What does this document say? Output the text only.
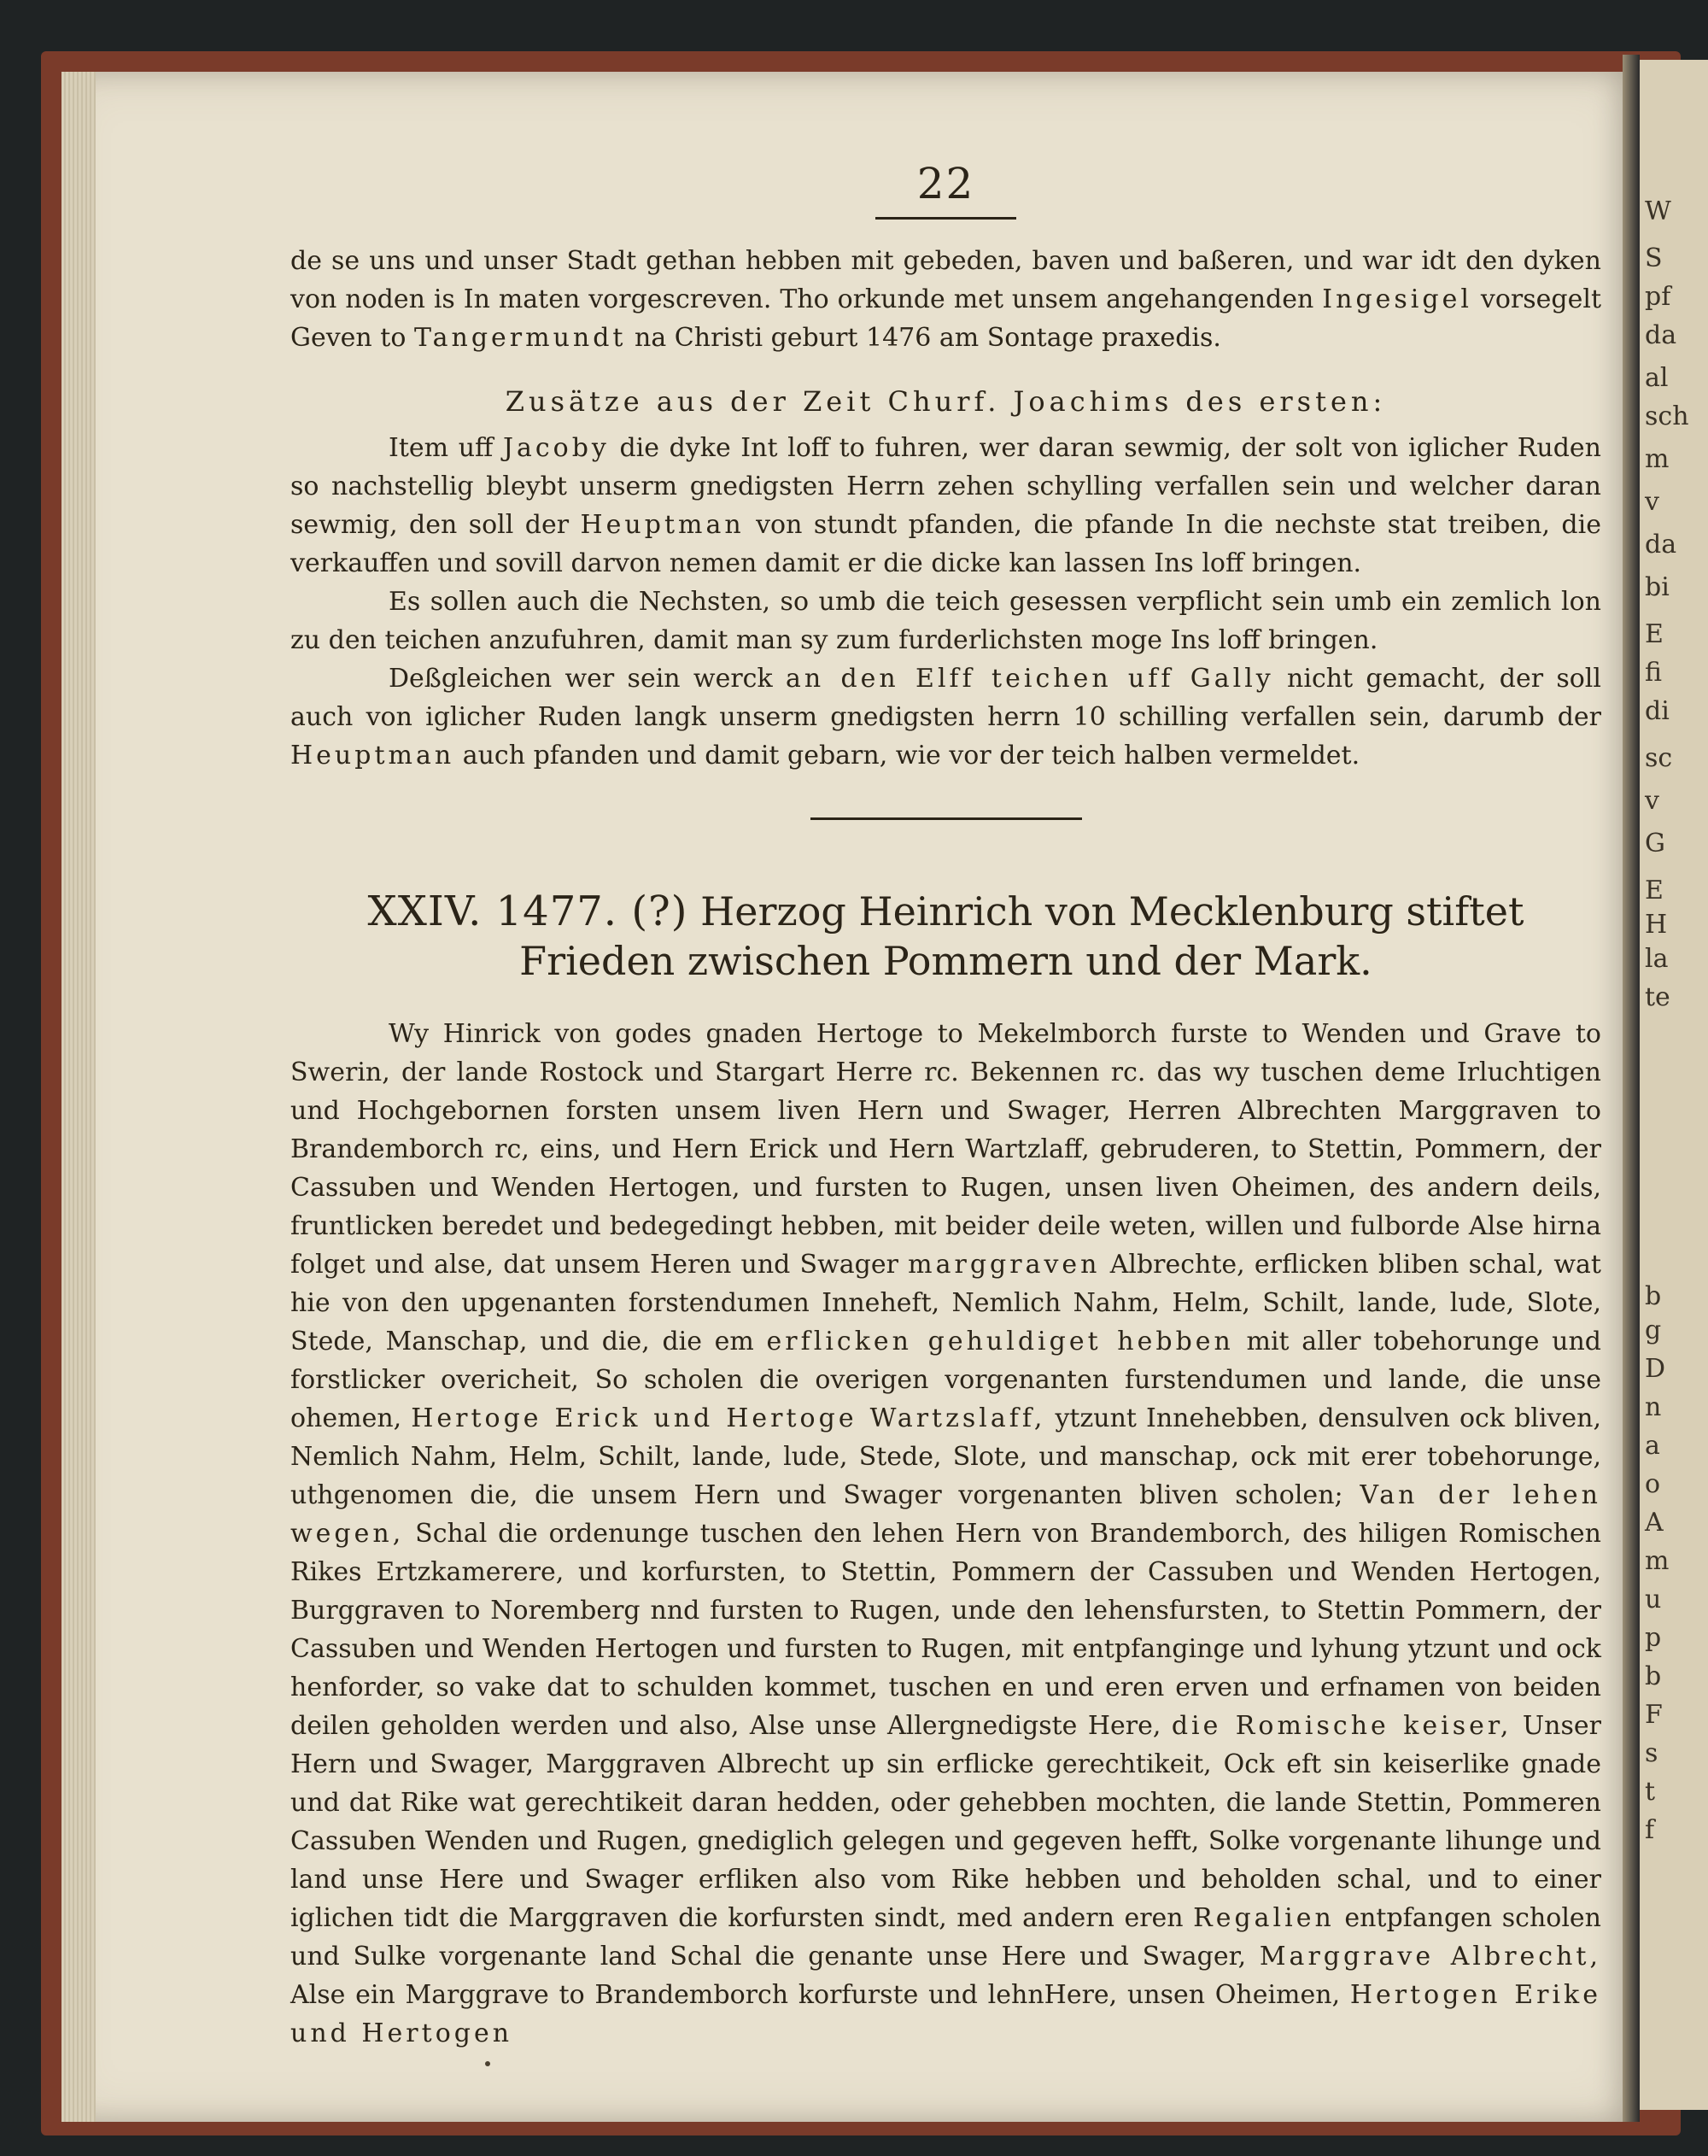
W
S
pf
da
al
sch
m
v
da
bi
E
fi
di
sc
v
G
E
H
la
te
b
g
D
n
a
o
A
m
u
p
b
F
s
t
f
22

de se uns und unser Stadt gethan hebben mit gebeden, baven und baßeren, und war idt den dyken von noden is In maten vorgescreven. Tho orkunde met unsem angehangenden Ingesigel vorsegelt Geven to Tangermundt na Christi geburt 1476 am Sontage praxedis.

Zusätze aus der Zeit Churf. Joachims des ersten:

Item uff Jacoby die dyke Int loff to fuhren, wer daran sewmig, der solt von iglicher Ruden so nachstellig bleybt unserm gnedigsten Herrn zehen schylling verfallen sein und welcher daran sewmig, den soll der Heuptman von stundt pfanden, die pfande In die nechste stat treiben, die verkauffen und sovill darvon nemen damit er die dicke kan lassen Ins loff bringen.

Es sollen auch die Nechsten, so umb die teich gesessen verpflicht sein umb ein zemlich lon zu den teichen anzufuhren, damit man sy zum furderlichsten moge Ins loff bringen.

Deßgleichen wer sein werck an den Elff teichen uff Gally nicht gemacht, der soll auch von iglicher Ruden langk unserm gnedigsten herrn 10 schilling verfallen sein, darumb der Heuptman auch pfanden und damit gebarn, wie vor der teich halben vermeldet.

XXIV. 1477. (?) Herzog Heinrich von Mecklenburg stiftet Frieden zwischen Pommern und der Mark.

Wy Hinrick von godes gnaden Hertoge to Mekelmborch furste to Wenden und Grave to Swerin, der lande Rostock und Stargart Herre rc. Bekennen rc. das wy tuschen deme Irluchtigen und Hochgebornen forsten unsem liven Hern und Swager, Herren Albrechten Marggraven to Brandemborch rc, eins, und Hern Erick und Hern Wartzlaff, gebruderen, to Stettin, Pommern, der Cassuben und Wenden Hertogen, und fursten to Rugen, unsen liven Oheimen, des andern deils, fruntlicken beredet und bedegedingt hebben, mit beider deile weten, willen und fulborde Alse hirna folget und alse, dat unsem Heren und Swager marggraven Albrechte, erflicken bliben schal, wat hie von den upgenanten forstendumen Inneheft, Nemlich Nahm, Helm, Schilt, lande, lude, Slote, Stede, Manschap, und die, die em erflicken gehuldiget hebben mit aller tobehorunge und forstlicker overicheit, So scholen die overigen vorgenanten furstendumen und lande, die unse ohemen, Hertoge Erick und Hertoge Wartzslaff, ytzunt Innehebben, densulven ock bliven, Nemlich Nahm, Helm, Schilt, lande, lude, Stede, Slote, und manschap, ock mit erer tobehorunge, uthgenomen die, die unsem Hern und Swager vorgenanten bliven scholen; Van der lehen wegen, Schal die ordenunge tuschen den lehen Hern von Brandemborch, des hiligen Romischen Rikes Ertzkamerere, und korfursten, to Stettin, Pommern der Cassuben und Wenden Hertogen, Burggraven to Noremberg nnd fursten to Rugen, unde den lehensfursten, to Stettin Pommern, der Cassuben und Wenden Hertogen und fursten to Rugen, mit entpfanginge und lyhung ytzunt und ock henforder, so vake dat to schulden kommet, tuschen en und eren erven und erfnamen von beiden deilen geholden werden und also, Alse unse Allergnedigste Here, die Romische keiser, Unser Hern und Swager, Marggraven Albrecht up sin erflicke gerechtikeit, Ock eft sin keiserlike gnade und dat Rike wat gerechtikeit daran hedden, oder gehebben mochten, die lande Stettin, Pommeren Cassuben Wenden und Rugen, gnediglich gelegen und gegeven hefft, Solke vorgenante lihunge und land unse Here und Swager erfliken also vom Rike hebben und beholden schal, und to einer iglichen tidt die Marggraven die korfursten sindt, med andern eren Regalien entpfangen scholen und Sulke vorgenante land Schal die genante unse Here und Swager, Marggrave Albrecht, Alse ein Marggrave to Brandemborch korfurste und lehnHere, unsen Oheimen, Hertogen Erike und Hertogen
